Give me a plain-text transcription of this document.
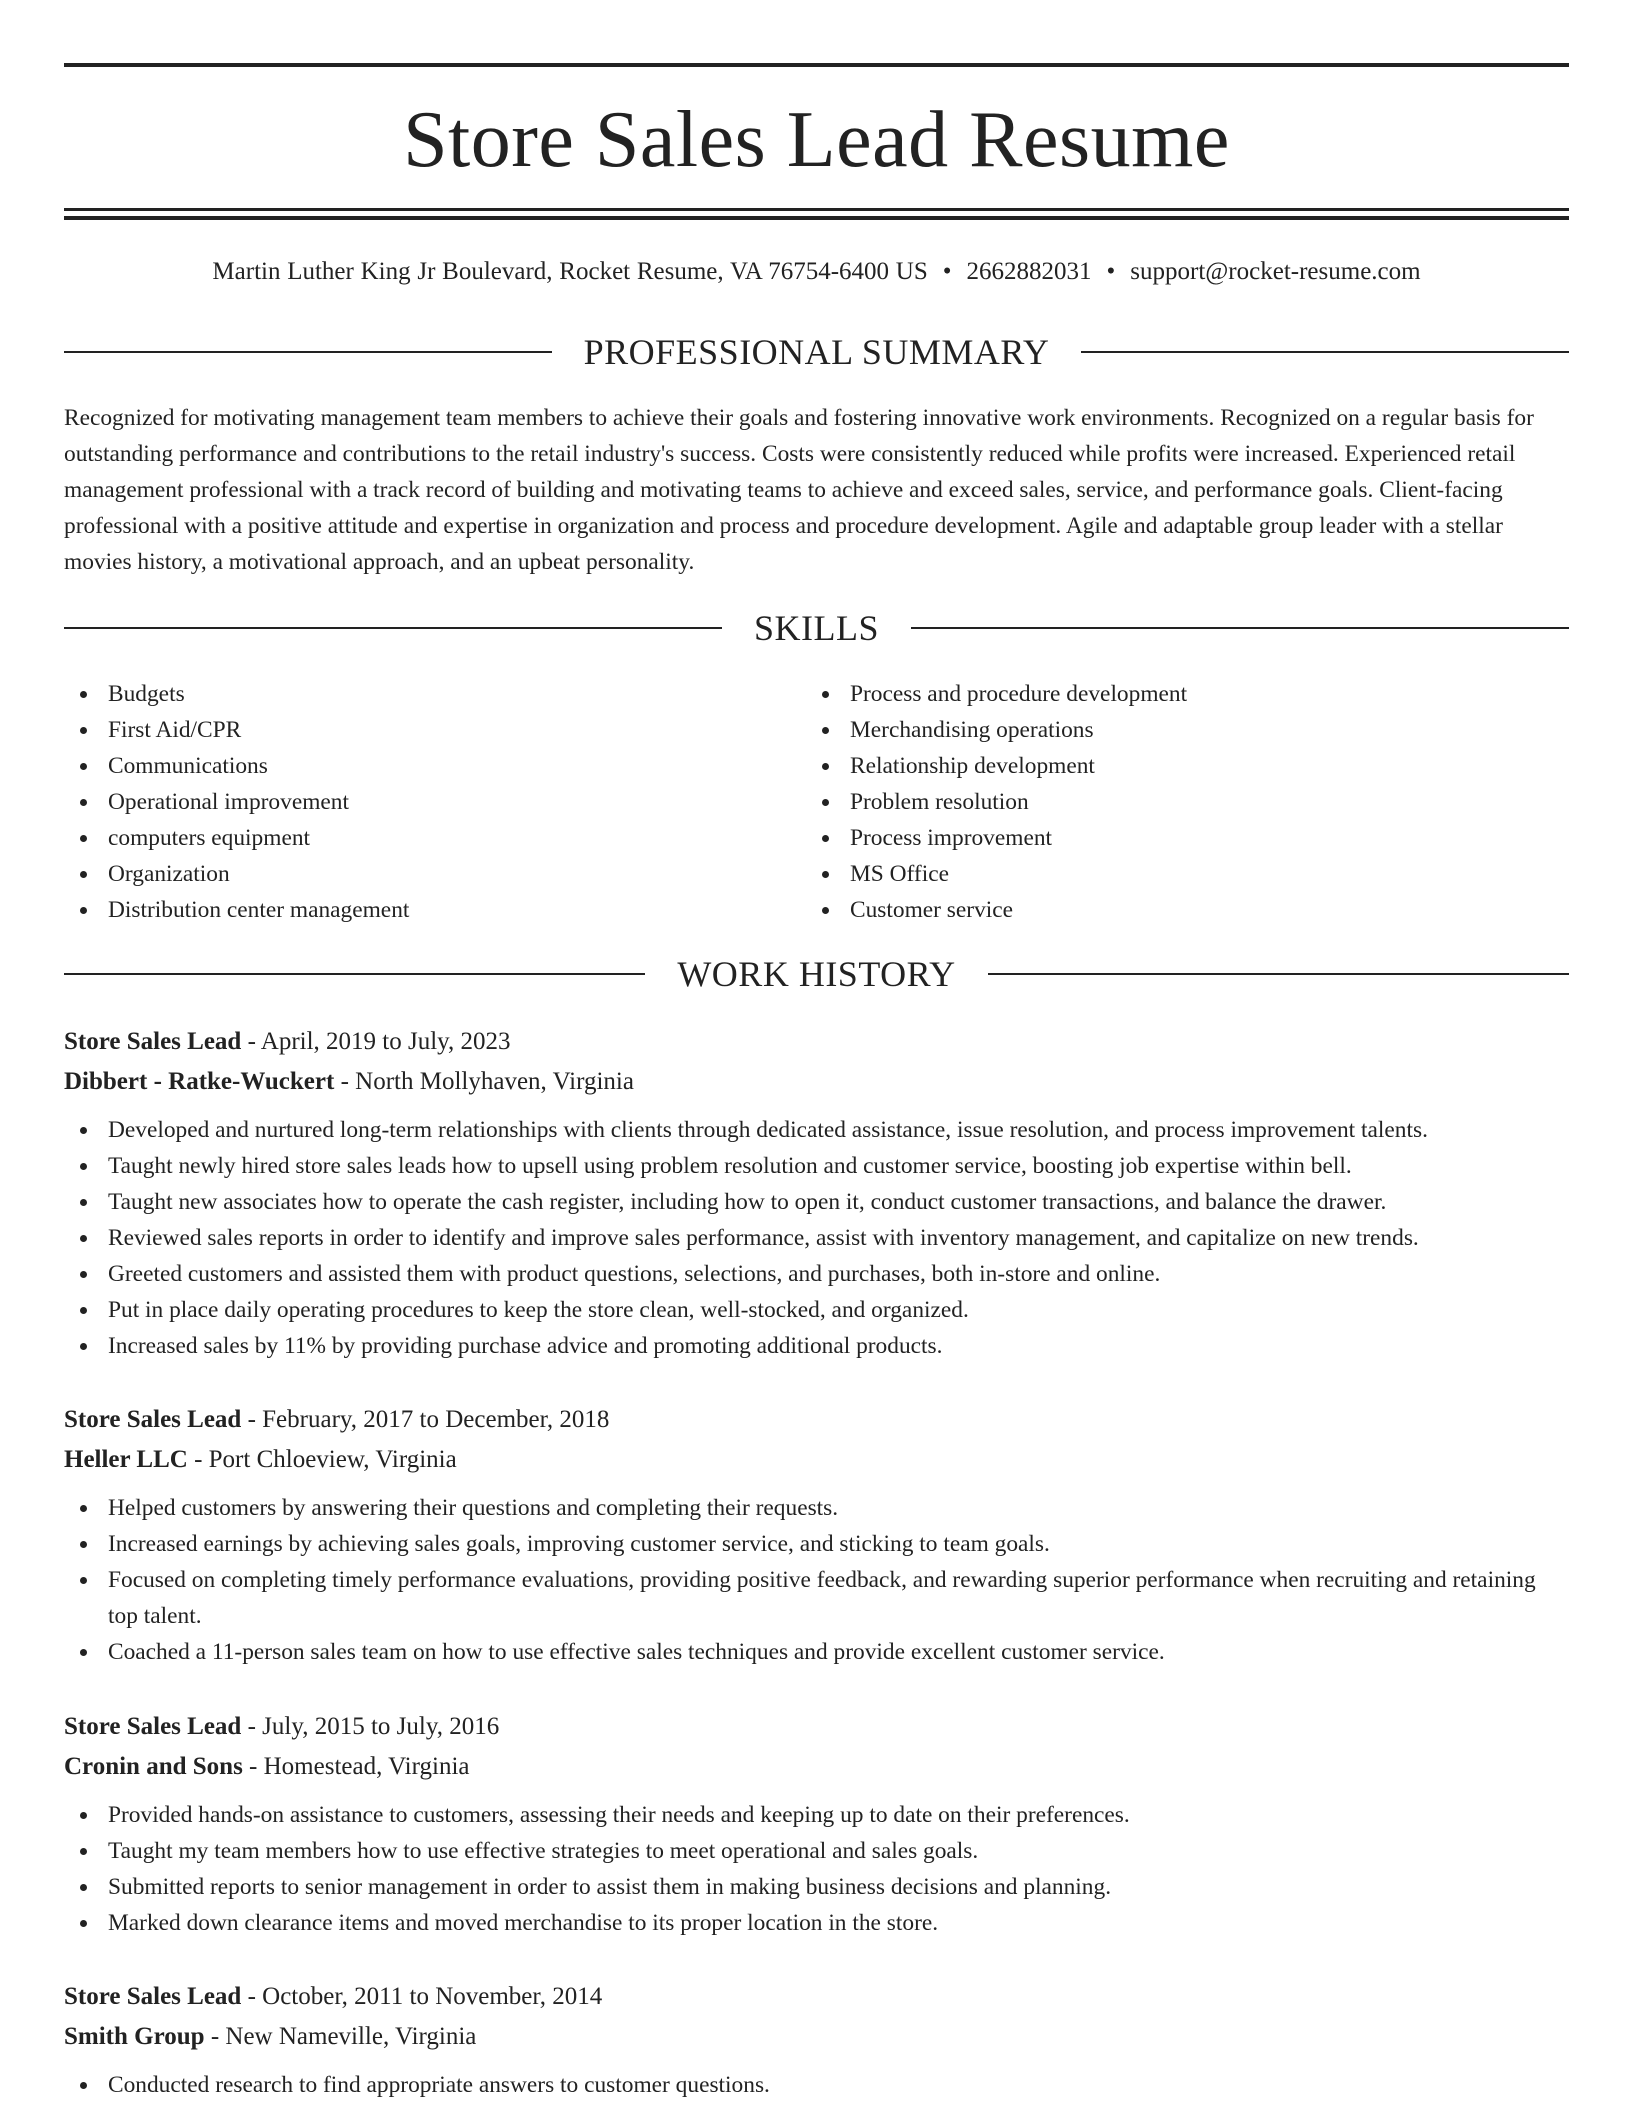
Store Sales Lead Resume
Martin Luther King Jr Boulevard, Rocket Resume, VA 76754-6400 US • 2662882031 • support@rocket-resume.com
PROFESSIONAL SUMMARY

Recognized for motivating management team members to achieve their goals and fostering innovative work environments. Recognized on a regular basis for outstanding performance and contributions to the retail industry's success. Costs were consistently reduced while profits were increased. Experienced retail management professional with a track record of building and motivating teams to achieve and exceed sales, service, and performance goals. Client-facing professional with a positive attitude and expertise in organization and process and procedure development. Agile and adaptable group leader with a stellar movies history, a motivational approach, and an upbeat personality.

SKILLS
Budgets
First Aid/CPR
Communications
Operational improvement
computers equipment
Organization
Distribution center management
Process and procedure development
Merchandising operations
Relationship development
Problem resolution
Process improvement
MS Office
Customer service
WORK HISTORY
Store Sales Lead - April, 2019 to July, 2023
Dibbert - Ratke-Wuckert - North Mollyhaven, Virginia
Developed and nurtured long-term relationships with clients through dedicated assistance, issue resolution, and process improvement talents.
Taught newly hired store sales leads how to upsell using problem resolution and customer service, boosting job expertise within bell.
Taught new associates how to operate the cash register, including how to open it, conduct customer transactions, and balance the drawer.
Reviewed sales reports in order to identify and improve sales performance, assist with inventory management, and capitalize on new trends.
Greeted customers and assisted them with product questions, selections, and purchases, both in-store and online.
Put in place daily operating procedures to keep the store clean, well-stocked, and organized.
Increased sales by 11% by providing purchase advice and promoting additional products.
Store Sales Lead - February, 2017 to December, 2018
Heller LLC - Port Chloeview, Virginia
Helped customers by answering their questions and completing their requests.
Increased earnings by achieving sales goals, improving customer service, and sticking to team goals.
Focused on completing timely performance evaluations, providing positive feedback, and rewarding superior performance when recruiting and retaining top talent.
Coached a 11-person sales team on how to use effective sales techniques and provide excellent customer service.
Store Sales Lead - July, 2015 to July, 2016
Cronin and Sons - Homestead, Virginia
Provided hands-on assistance to customers, assessing their needs and keeping up to date on their preferences.
Taught my team members how to use effective strategies to meet operational and sales goals.
Submitted reports to senior management in order to assist them in making business decisions and planning.
Marked down clearance items and moved merchandise to its proper location in the store.
Store Sales Lead - October, 2011 to November, 2014
Smith Group - New Nameville, Virginia
Conducted research to find appropriate answers to customer questions.
